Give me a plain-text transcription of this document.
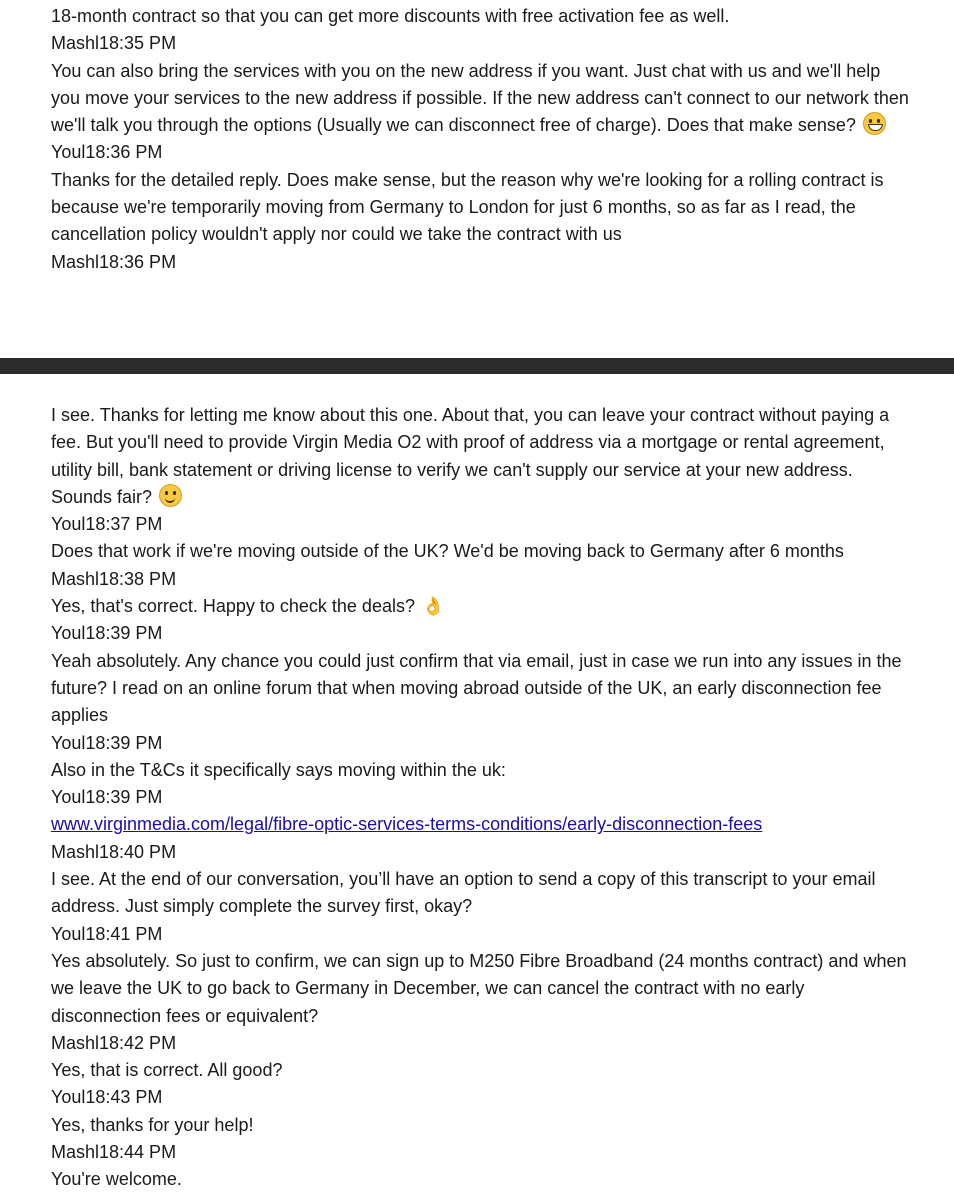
18-month contract so that you can get more discounts with free activation fee as well.
Mashl18:35 PM
You can also bring the services with you on the new address if you want. Just chat with us and we'll help you move your services to the new address if possible. If the new address can't connect to our network then we'll talk you through the options (Usually we can disconnect free of charge). Does that make sense?
Youl18:36 PM
Thanks for the detailed reply. Does make sense, but the reason why we're looking for a rolling contract is because we're temporarily moving from Germany to London for just 6 months, so as far as I read, the cancellation policy wouldn't apply nor could we take the contract with us
Mashl18:36 PM
I see. Thanks for letting me know about this one. About that, you can leave your contract without paying a fee. But you'll need to provide Virgin Media O2 with proof of address via a mortgage or rental agreement, utility bill, bank statement or driving license to verify we can't supply our service at your new address. Sounds fair?
Youl18:37 PM
Does that work if we're moving outside of the UK? We'd be moving back to Germany after 6 months
Mashl18:38 PM
Yes, that's correct. Happy to check the deals? 👌
Youl18:39 PM
Yeah absolutely. Any chance you could just confirm that via email, just in case we run into any issues in the future? I read on an online forum that when moving abroad outside of the UK, an early disconnection fee applies
Youl18:39 PM
Also in the T&Cs it specifically says moving within the uk:
Youl18:39 PM
www.virginmedia.com/legal/fibre-optic-services-terms-conditions/early-disconnection-fees
Mashl18:40 PM
I see. At the end of our conversation, you’ll have an option to send a copy of this transcript to your email address. Just simply complete the survey first, okay?
Youl18:41 PM
Yes absolutely. So just to confirm, we can sign up to M250 Fibre Broadband (24 months contract) and when we leave the UK to go back to Germany in December, we can cancel the contract with no early disconnection fees or equivalent?
Mashl18:42 PM
Yes, that is correct. All good?
Youl18:43 PM
Yes, thanks for your help!
Mashl18:44 PM
You're welcome.
